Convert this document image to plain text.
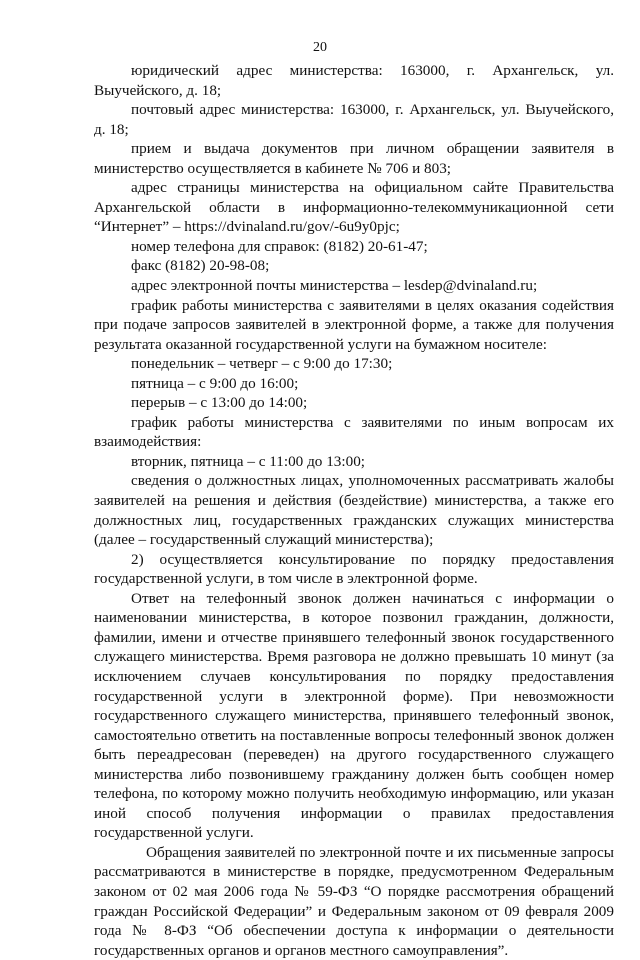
20

юридический адрес министерства: 163000, г. Архангельск, ул. Выучейского, д. 18;

почтовый адрес министерства: 163000, г. Архангельск, ул. Выучейского, д. 18;

прием и выдача документов при личном обращении заявителя в министерство осуществляется в кабинете № 706 и 803;

адрес страницы министерства на официальном сайте Правительства Архангельской области в информационно-телекоммуникационной сети “Интернет” – https://dvinaland.ru/gov/-6u9y0pjc;

номер телефона для справок: (8182) 20-61-47;

факс (8182) 20-98-08;

адрес электронной почты министерства – lesdep@dvinaland.ru;

график работы министерства с заявителями в целях оказания содействия при подаче запросов заявителей в электронной форме, а также для получения результата оказанной государственной услуги на бумажном носителе:

понедельник – четверг – с 9:00 до 17:30;

пятница – с 9:00 до 16:00;

перерыв – с 13:00 до 14:00;

график работы министерства с заявителями по иным вопросам их взаимодействия:

вторник, пятница – с 11:00 до 13:00;

сведения о должностных лицах, уполномоченных рассматривать жалобы заявителей на решения и действия (бездействие) министерства, а также его должностных лиц, государственных гражданских служащих министерства (далее – государственный служащий министерства);

2) осуществляется консультирование по порядку предоставления государственной услуги, в том числе в электронной форме.

Ответ на телефонный звонок должен начинаться с информации о наименовании министерства, в которое позвонил гражданин, должности, фамилии, имени и отчестве принявшего телефонный звонок государственного служащего министерства. Время разговора не должно превышать 10 минут (за исключением случаев консультирования по порядку предоставления государственной услуги в электронной форме). При невозможности государственного служащего министерства, принявшего телефонный звонок, самостоятельно ответить на поставленные вопросы телефонный звонок должен быть переадресован (переведен) на другого государственного служащего министерства либо позвонившему гражданину должен быть сообщен номер телефона, по которому можно получить необходимую информацию, или указан иной способ получения информации о правилах предоставления государственной услуги.

Обращения заявителей по электронной почте и их письменные запросы рассматриваются в министерстве в порядке, предусмотренном Федеральным законом от 02 мая 2006 года № 59-ФЗ “О порядке рассмотрения обращений граждан Российской Федерации” и Федеральным законом от 09 февраля 2009 года № 8-ФЗ “Об обеспечении доступа к информации о деятельности государственных органов и органов местного самоуправления”.
